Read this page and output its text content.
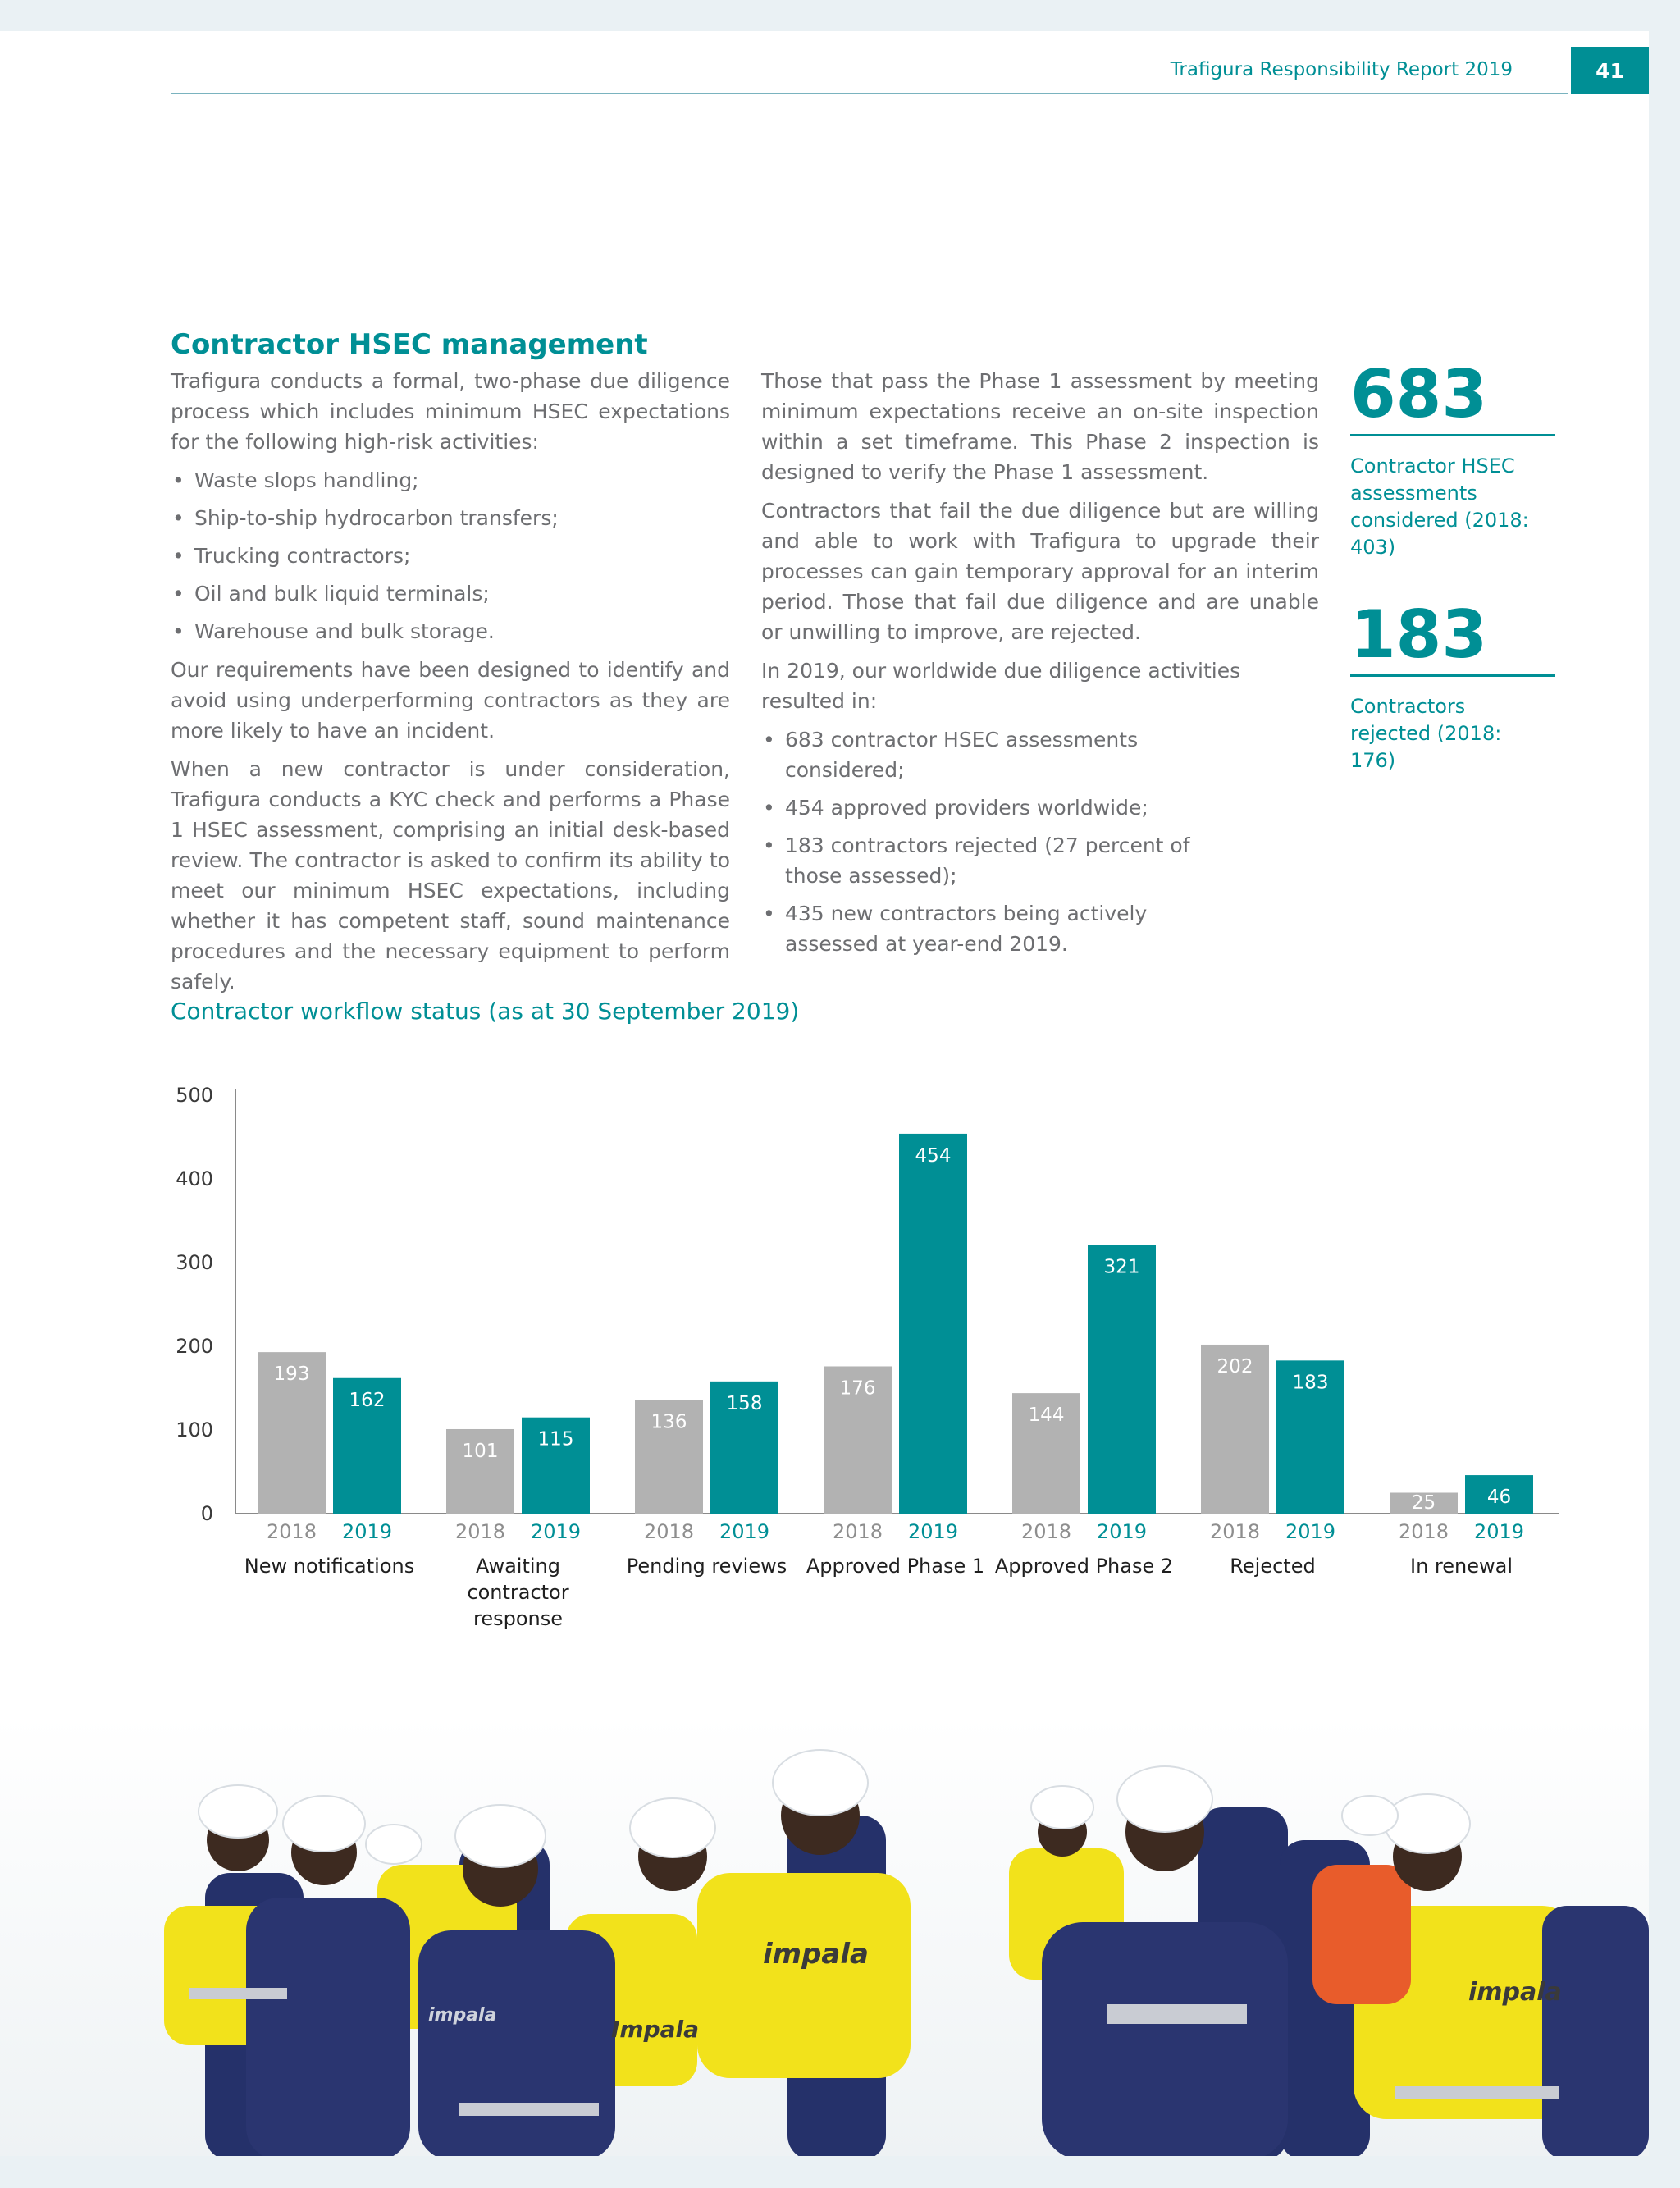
Trafigura Responsibility Report 2019	41
Contractor HSEC management

Trafigura conducts a formal, two-phase due diligence process which includes minimum HSEC expectations for the following high-risk activities:

• Waste slops handling;
• Ship-to-ship hydrocarbon transfers;
• Trucking contractors;
• Oil and bulk liquid terminals;
• Warehouse and bulk storage.

Our requirements have been designed to identify and avoid using underperforming contractors as they are more likely to have an incident.

When a new contractor is under consideration, Trafigura conducts a KYC check and performs a Phase 1 HSEC assessment, comprising an initial desk-based review. The contractor is asked to confirm its ability to meet our minimum HSEC expectations, including whether it has competent staff, sound maintenance procedures and the necessary equipment to perform safely.

Those that pass the Phase 1 assessment by meeting minimum expectations receive an on-site inspection within a set timeframe. This Phase 2 inspection is designed to verify the Phase 1 assessment.

Contractors that fail the due diligence but are willing and able to work with Trafigura to upgrade their processes can gain temporary approval for an interim period. Those that fail due diligence and are unable or unwilling to improve, are rejected.

In 2019, our worldwide due diligence activities resulted in:

• 683 contractor HSEC assessments considered;
• 454 approved providers worldwide;
• 183 contractors rejected (27 percent of those assessed);
• 435 new contractors being actively assessed at year-end 2019.
683
Contractor HSEC assessments considered (2018: 403)
183
Contractors rejected (2018: 176)
Contractor workflow status (as at 30 September 2019)
0
100
200
300
400
500
193
2018
162
2019
New notifications
101
2018
115
2019
Awaiting
contractor
response
136
2018
158
2019
Pending reviews
176
2018
454
2019
Approved Phase 1
144
2018
321
2019
Approved Phase 2
202
2018
183
2019
Rejected
25
2018
46
2019
In renewal
impala
Impala
impala
impala
